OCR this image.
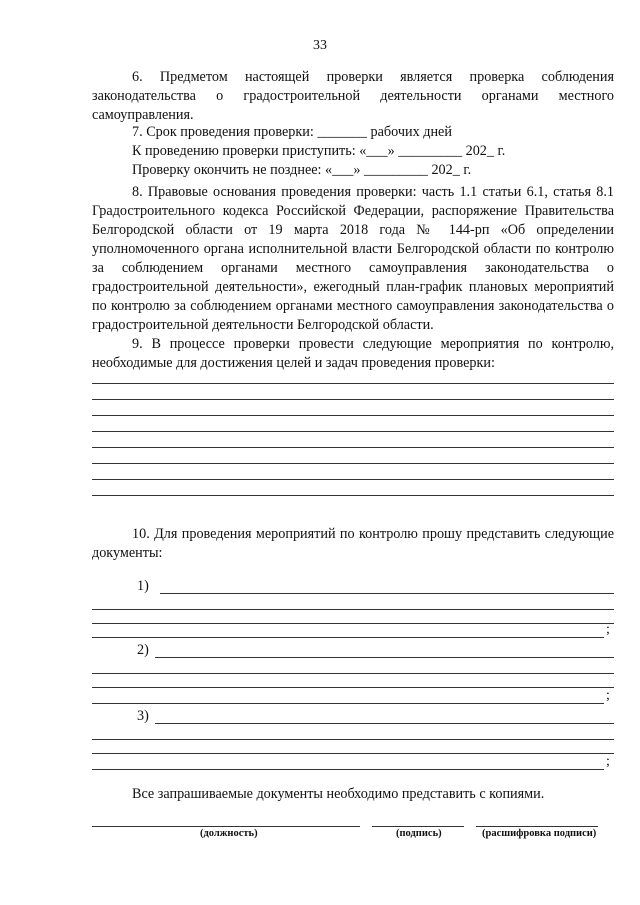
33
6. Предметом настоящей проверки является проверка соблюдения законодательства о градостроительной деятельности органами местного самоуправления.
7. Срок проведения проверки: _______ рабочих дней
К проведению проверки приступить: «___» _________ 202_ г.
Проверку окончить не позднее: «___» _________ 202_ г.
8. Правовые основания проведения проверки: часть 1.1 статьи 6.1, статья 8.1 Градостроительного кодекса Российской Федерации, распоряжение Правительства Белгородской области от 19 марта 2018 года № 144-рп «Об определении уполномоченного органа исполнительной власти Белгородской области по контролю за соблюдением органами местного самоуправления законодательства о градостроительной деятельности», ежегодный план-график плановых мероприятий по контролю за соблюдением органами местного самоуправления законодательства о градостроительной деятельности Белгородской области.
9. В процессе проверки провести следующие мероприятия по контролю, необходимые для достижения целей и задач проведения проверки:
10. Для проведения мероприятий по контролю прошу представить следующие документы:
1)
;
2)
;
3)
;
Все запрашиваемые документы необходимо представить с копиями.
(должность)	(подпись)	(расшифровка подписи)
